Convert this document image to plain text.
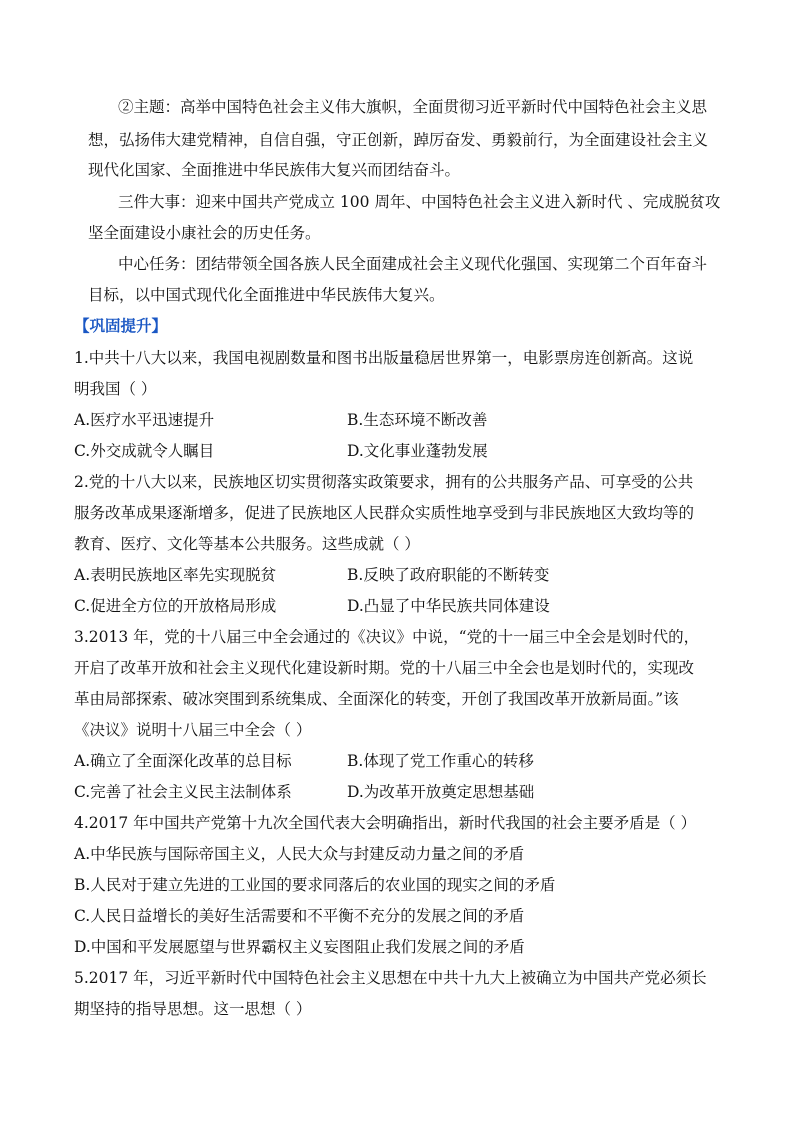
②主题：高举中国特色社会主义伟大旗帜，全面贯彻习近平新时代中国特色社会主义思
想，弘扬伟大建党精神，自信自强，守正创新，踔厉奋发、勇毅前行，为全面建设社会主义
现代化国家、全面推进中华民族伟大复兴而团结奋斗。
三件大事：迎来中国共产党成立 100 周年、中国特色社会主义进入新时代 、完成脱贫攻
坚全面建设小康社会的历史任务。
中心任务：团结带领全国各族人民全面建成社会主义现代化强国、实现第二个百年奋斗
目标，以中国式现代化全面推进中华民族伟大复兴。
【巩固提升】
1.中共十八大以来，我国电视剧数量和图书出版量稳居世界第一，电影票房连创新高。这说
明我国（ ）
A.医疗水平迅速提升	B.生态环境不断改善
C.外交成就令人瞩目	D.文化事业蓬勃发展
2.党的十八大以来，民族地区切实贯彻落实政策要求，拥有的公共服务产品、可享受的公共
服务改革成果逐渐增多，促进了民族地区人民群众实质性地享受到与非民族地区大致均等的
教育、医疗、文化等基本公共服务。这些成就（ ）
A.表明民族地区率先实现脱贫	B.反映了政府职能的不断转变
C.促进全方位的开放格局形成	D.凸显了中华民族共同体建设
3.2013 年，党的十八届三中全会通过的《决议》中说，“党的十一届三中全会是划时代的，
开启了改革开放和社会主义现代化建设新时期。党的十八届三中全会也是划时代的，实现改
革由局部探索、破冰突围到系统集成、全面深化的转变，开创了我国改革开放新局面。”该
《决议》说明十八届三中全会（ ）
A.确立了全面深化改革的总目标	B.体现了党工作重心的转移
C.完善了社会主义民主法制体系	D.为改革开放奠定思想基础
4.2017 年中国共产党第十九次全国代表大会明确指出，新时代我国的社会主要矛盾是（ ）
A.中华民族与国际帝国主义，人民大众与封建反动力量之间的矛盾
B.人民对于建立先进的工业国的要求同落后的农业国的现实之间的矛盾
C.人民日益增长的美好生活需要和不平衡不充分的发展之间的矛盾
D.中国和平发展愿望与世界霸权主义妄图阻止我们发展之间的矛盾
5.2017 年，习近平新时代中国特色社会主义思想在中共十九大上被确立为中国共产党必须长
期坚持的指导思想。这一思想（ ）
